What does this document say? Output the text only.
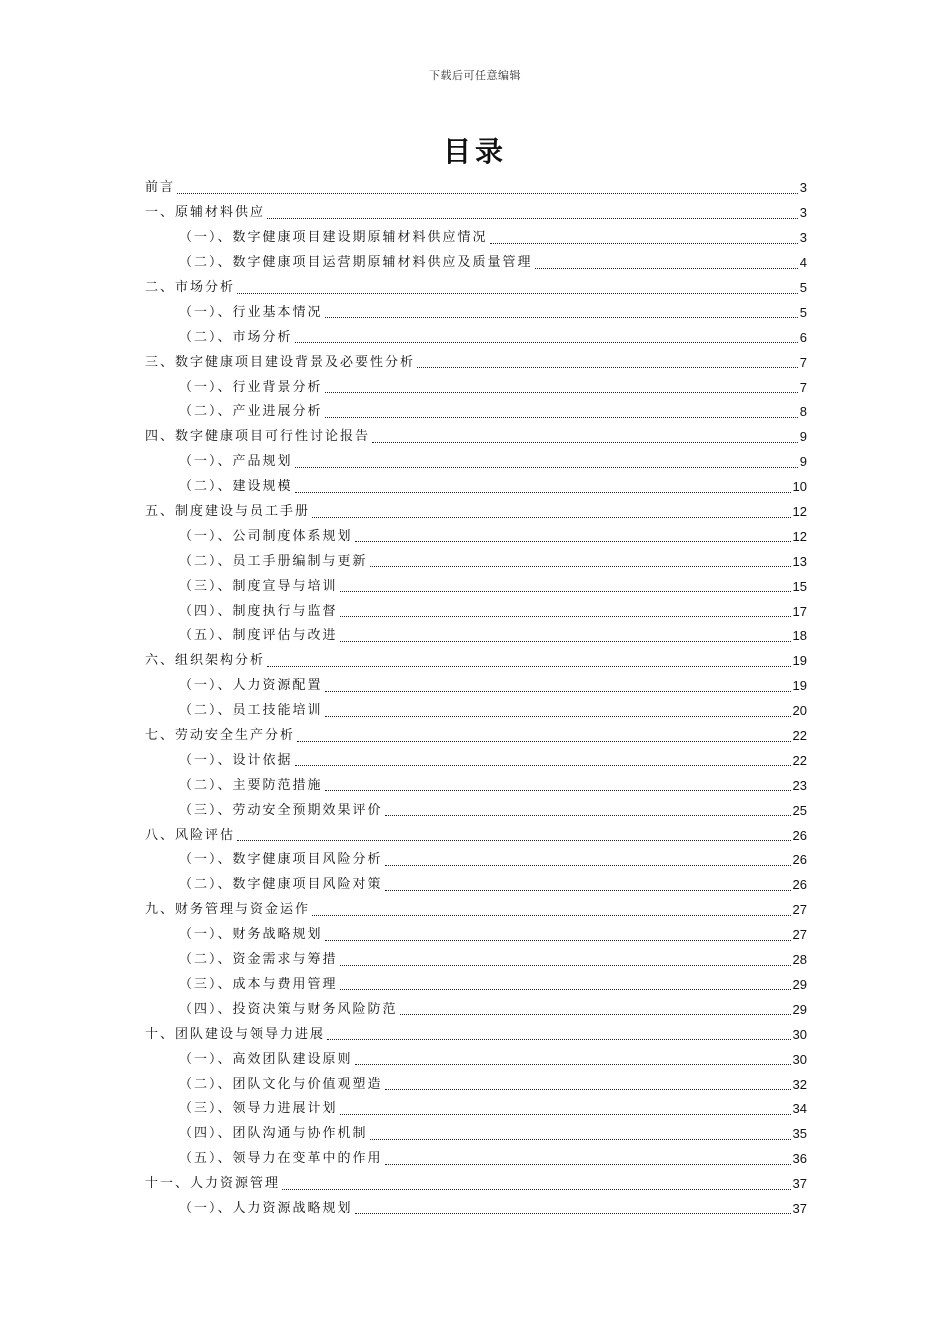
下载后可任意编辑
目录
前言	3
一、原辅材料供应	3
（一）、数字健康项目建设期原辅材料供应情况	3
（二）、数字健康项目运营期原辅材料供应及质量管理	4
二、市场分析	5
（一）、行业基本情况	5
（二）、市场分析	6
三、数字健康项目建设背景及必要性分析	7
（一）、行业背景分析	7
（二）、产业进展分析	8
四、数字健康项目可行性讨论报告	9
（一）、产品规划	9
（二）、建设规模	10
五、制度建设与员工手册	12
（一）、公司制度体系规划	12
（二）、员工手册编制与更新	13
（三）、制度宣导与培训	15
（四）、制度执行与监督	17
（五）、制度评估与改进	18
六、组织架构分析	19
（一）、人力资源配置	19
（二）、员工技能培训	20
七、劳动安全生产分析	22
（一）、设计依据	22
（二）、主要防范措施	23
（三）、劳动安全预期效果评价	25
八、风险评估	26
（一）、数字健康项目风险分析	26
（二）、数字健康项目风险对策	26
九、财务管理与资金运作	27
（一）、财务战略规划	27
（二）、资金需求与筹措	28
（三）、成本与费用管理	29
（四）、投资决策与财务风险防范	29
十、团队建设与领导力进展	30
（一）、高效团队建设原则	30
（二）、团队文化与价值观塑造	32
（三）、领导力进展计划	34
（四）、团队沟通与协作机制	35
（五）、领导力在变革中的作用	36
十一、人力资源管理	37
（一）、人力资源战略规划	37
